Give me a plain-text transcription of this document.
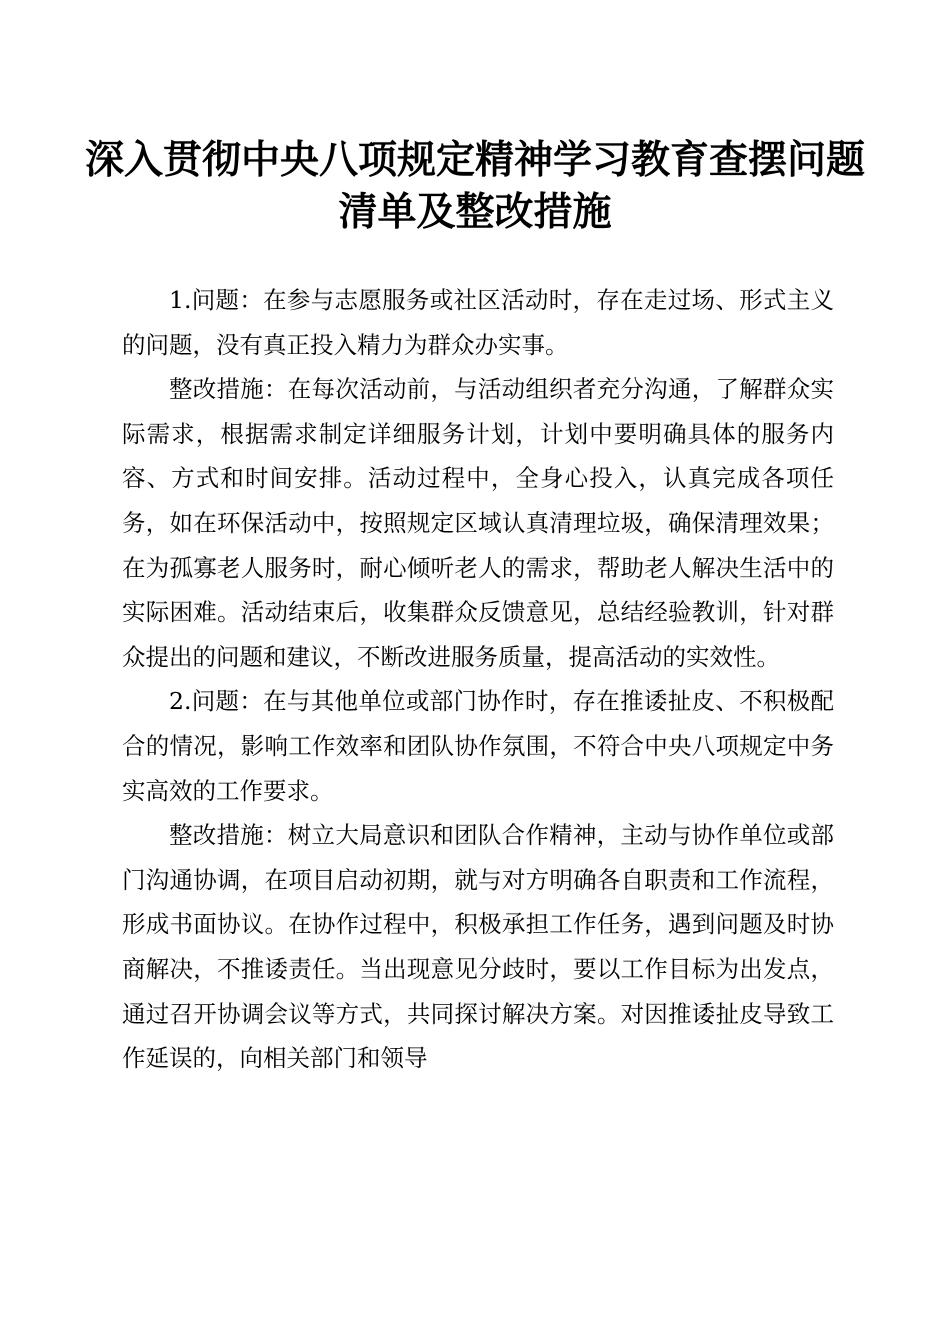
深入贯彻中央八项规定精神学习教育查摆问题
清单及整改措施

1.问题：在参与志愿服务或社区活动时，存在走过场、形式主义的问题，没有真正投入精力为群众办实事。

整改措施：在每次活动前，与活动组织者充分沟通，了解群众实际需求，根据需求制定详细服务计划，计划中要明确具体的服务内容、方式和时间安排。活动过程中，全身心投入，认真完成各项任务，如在环保活动中，按照规定区域认真清理垃圾，确保清理效果；在为孤寡老人服务时，耐心倾听老人的需求，帮助老人解决生活中的实际困难。活动结束后，收集群众反馈意见，总结经验教训，针对群众提出的问题和建议，不断改进服务质量，提高活动的实效性。

2.问题：在与其他单位或部门协作时，存在推诿扯皮、不积极配合的情况，影响工作效率和团队协作氛围，不符合中央八项规定中务实高效的工作要求。

整改措施：树立大局意识和团队合作精神，主动与协作单位或部门沟通协调，在项目启动初期，就与对方明确各自职责和工作流程，形成书面协议。在协作过程中，积极承担工作任务，遇到问题及时协商解决，不推诿责任。当出现意见分歧时，要以工作目标为出发点，通过召开协调会议等方式，共同探讨解决方案。对因推诿扯皮导致工作延误的，向相关部门和领导
